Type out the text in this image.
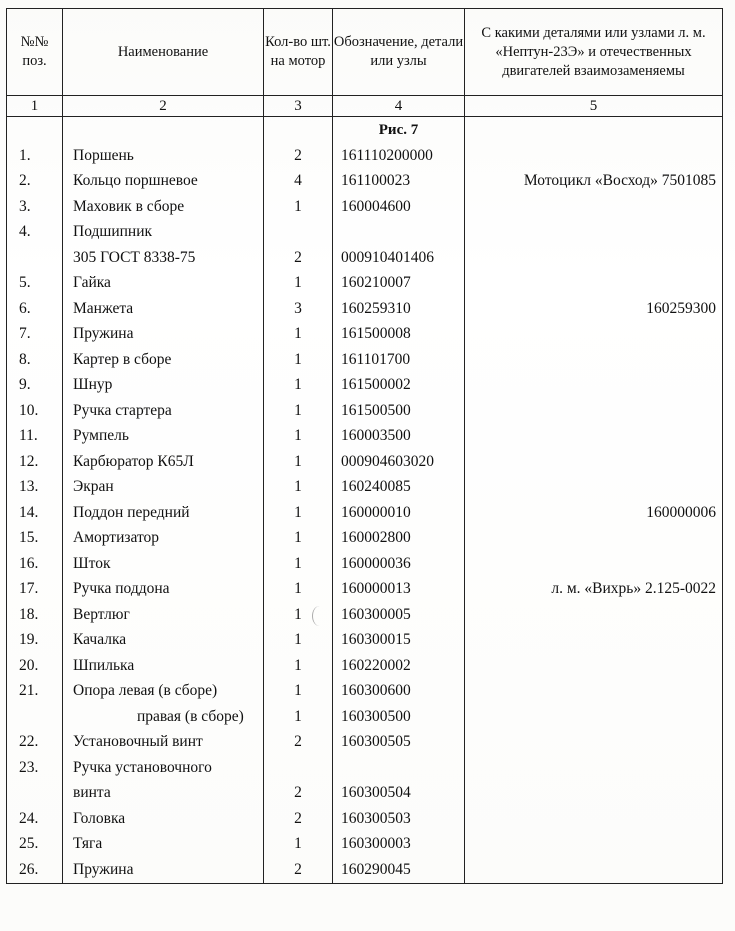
№№ поз.	Наименование	Кол-во шт. на мотор	Обозначение, детали или узлы	С какими деталями или узлами л. м. «Нептун-23Э» и отечественных двигателей взаимозаменяемы
1	2	3	4	5
			Рис. 7	
1.	Поршень	2	161110200000	
2.	Кольцо поршневое	4	161100023	Мотоцикл «Восход» 7501085
3.	Маховик в сборе	1	160004600	
4.	Подшипник			
	305 ГОСТ 8338-75	2	000910401406	
5.	Гайка	1	160210007	
6.	Манжета	3	160259310	160259300
7.	Пружина	1	161500008	
8.	Картер в сборе	1	161101700	
9.	Шнур	1	161500002	
10.	Ручка стартера	1	161500500	
11.	Румпель	1	160003500	
12.	Карбюратор К65Л	1	000904603020	
13.	Экран	1	160240085	
14.	Поддон передний	1	160000010	160000006
15.	Амортизатор	1	160002800	
16.	Шток	1	160000036	
17.	Ручка поддона	1	160000013	л. м. «Вихрь» 2.125-0022
18.	Вертлюг	1	160300005	
19.	Качалка	1	160300015	
20.	Шпилька	1	160220002	
21.	Опора левая (в сборе)	1	160300600	
	правая (в сборе)	1	160300500	
22.	Установочный винт	2	160300505	
23.	Ручка установочного			
	винта	2	160300504	
24.	Головка	2	160300503	
25.	Тяга	1	160300003	
26.	Пружина	2	160290045	
